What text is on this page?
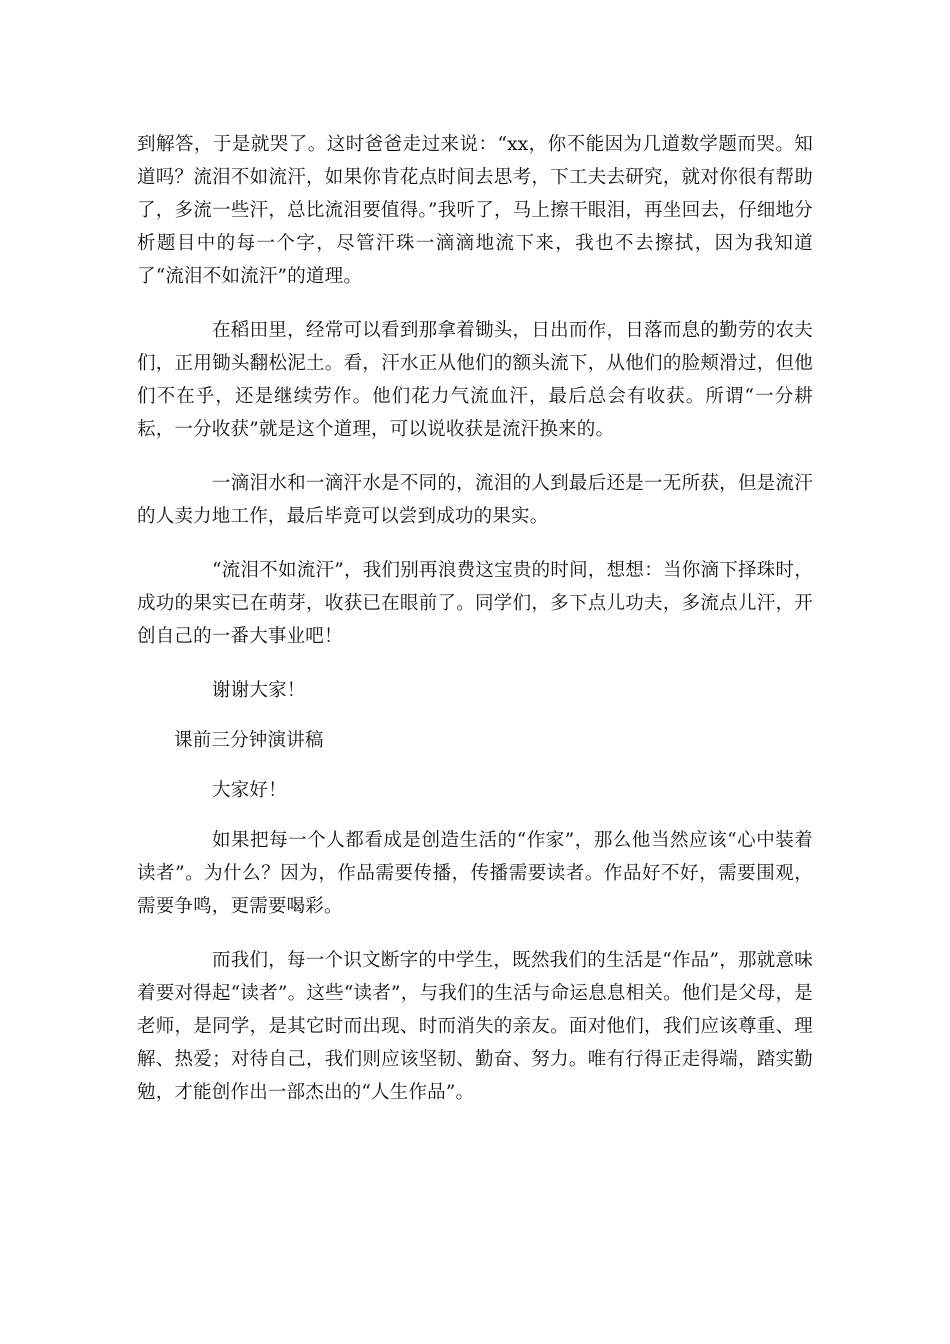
到解答，于是就哭了。这时爸爸走过来说：“xx，你不能因为几道数学题而哭。知道吗？流泪不如流汗，如果你肯花点时间去思考，下工夫去研究，就对你很有帮助了，多流一些汗，总比流泪要值得。”我听了，马上擦干眼泪，再坐回去，仔细地分析题目中的每一个字，尽管汗珠一滴滴地流下来，我也不去擦拭，因为我知道了“流泪不如流汗”的道理。

在稻田里，经常可以看到那拿着锄头，日出而作，日落而息的勤劳的农夫们，正用锄头翻松泥土。看，汗水正从他们的额头流下，从他们的脸颊滑过，但他们不在乎，还是继续劳作。他们花力气流血汗，最后总会有收获。所谓“一分耕耘，一分收获”就是这个道理，可以说收获是流汗换来的。

一滴泪水和一滴汗水是不同的，流泪的人到最后还是一无所获，但是流汗的人卖力地工作，最后毕竟可以尝到成功的果实。

“流泪不如流汗”，我们别再浪费这宝贵的时间，想想：当你滴下择珠时，成功的果实已在萌芽，收获已在眼前了。同学们，多下点儿功夫，多流点儿汗，开创自己的一番大事业吧！

谢谢大家！

课前三分钟演讲稿

大家好！

如果把每一个人都看成是创造生活的“作家”，那么他当然应该“心中装着读者”。为什么？因为，作品需要传播，传播需要读者。作品好不好，需要围观，需要争鸣，更需要喝彩。

而我们，每一个识文断字的中学生，既然我们的生活是“作品”，那就意味着要对得起“读者”。这些“读者”，与我们的生活与命运息息相关。他们是父母，是老师，是同学，是其它时而出现、时而消失的亲友。面对他们，我们应该尊重、理解、热爱；对待自己，我们则应该坚韧、勤奋、努力。唯有行得正走得端，踏实勤勉，才能创作出一部杰出的“人生作品”。
